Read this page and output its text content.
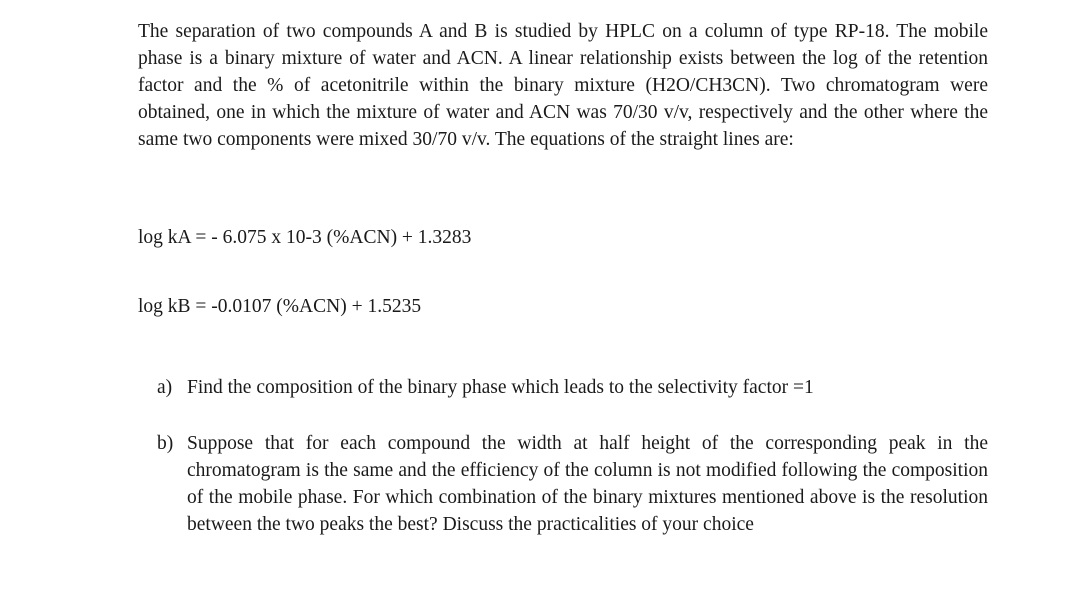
The separation of two compounds A and B is studied by HPLC on a column of type RP-18. The mobile phase is a binary mixture of water and ACN. A linear relationship exists between the log of the retention factor and the % of acetonitrile within the binary mixture (H2O/CH3CN). Two chromatogram were obtained, one in which the mixture of water and ACN was 70/30 v/v, respectively and the other where the same two components were mixed 30/70 v/v. The equations of the straight lines are:

log kA = - 6.075 x 10-3 (%ACN) + 1.3283

log kB = -0.0107 (%ACN) + 1.5235

a) Find the composition of the binary phase which leads to the selectivity factor =1
b) Suppose that for each compound the width at half height of the corresponding peak in the chromatogram is the same and the efficiency of the column is not modified following the composition of the mobile phase. For which combination of the binary mixtures mentioned above is the resolution between the two peaks the best? Discuss the practicalities of your choice
